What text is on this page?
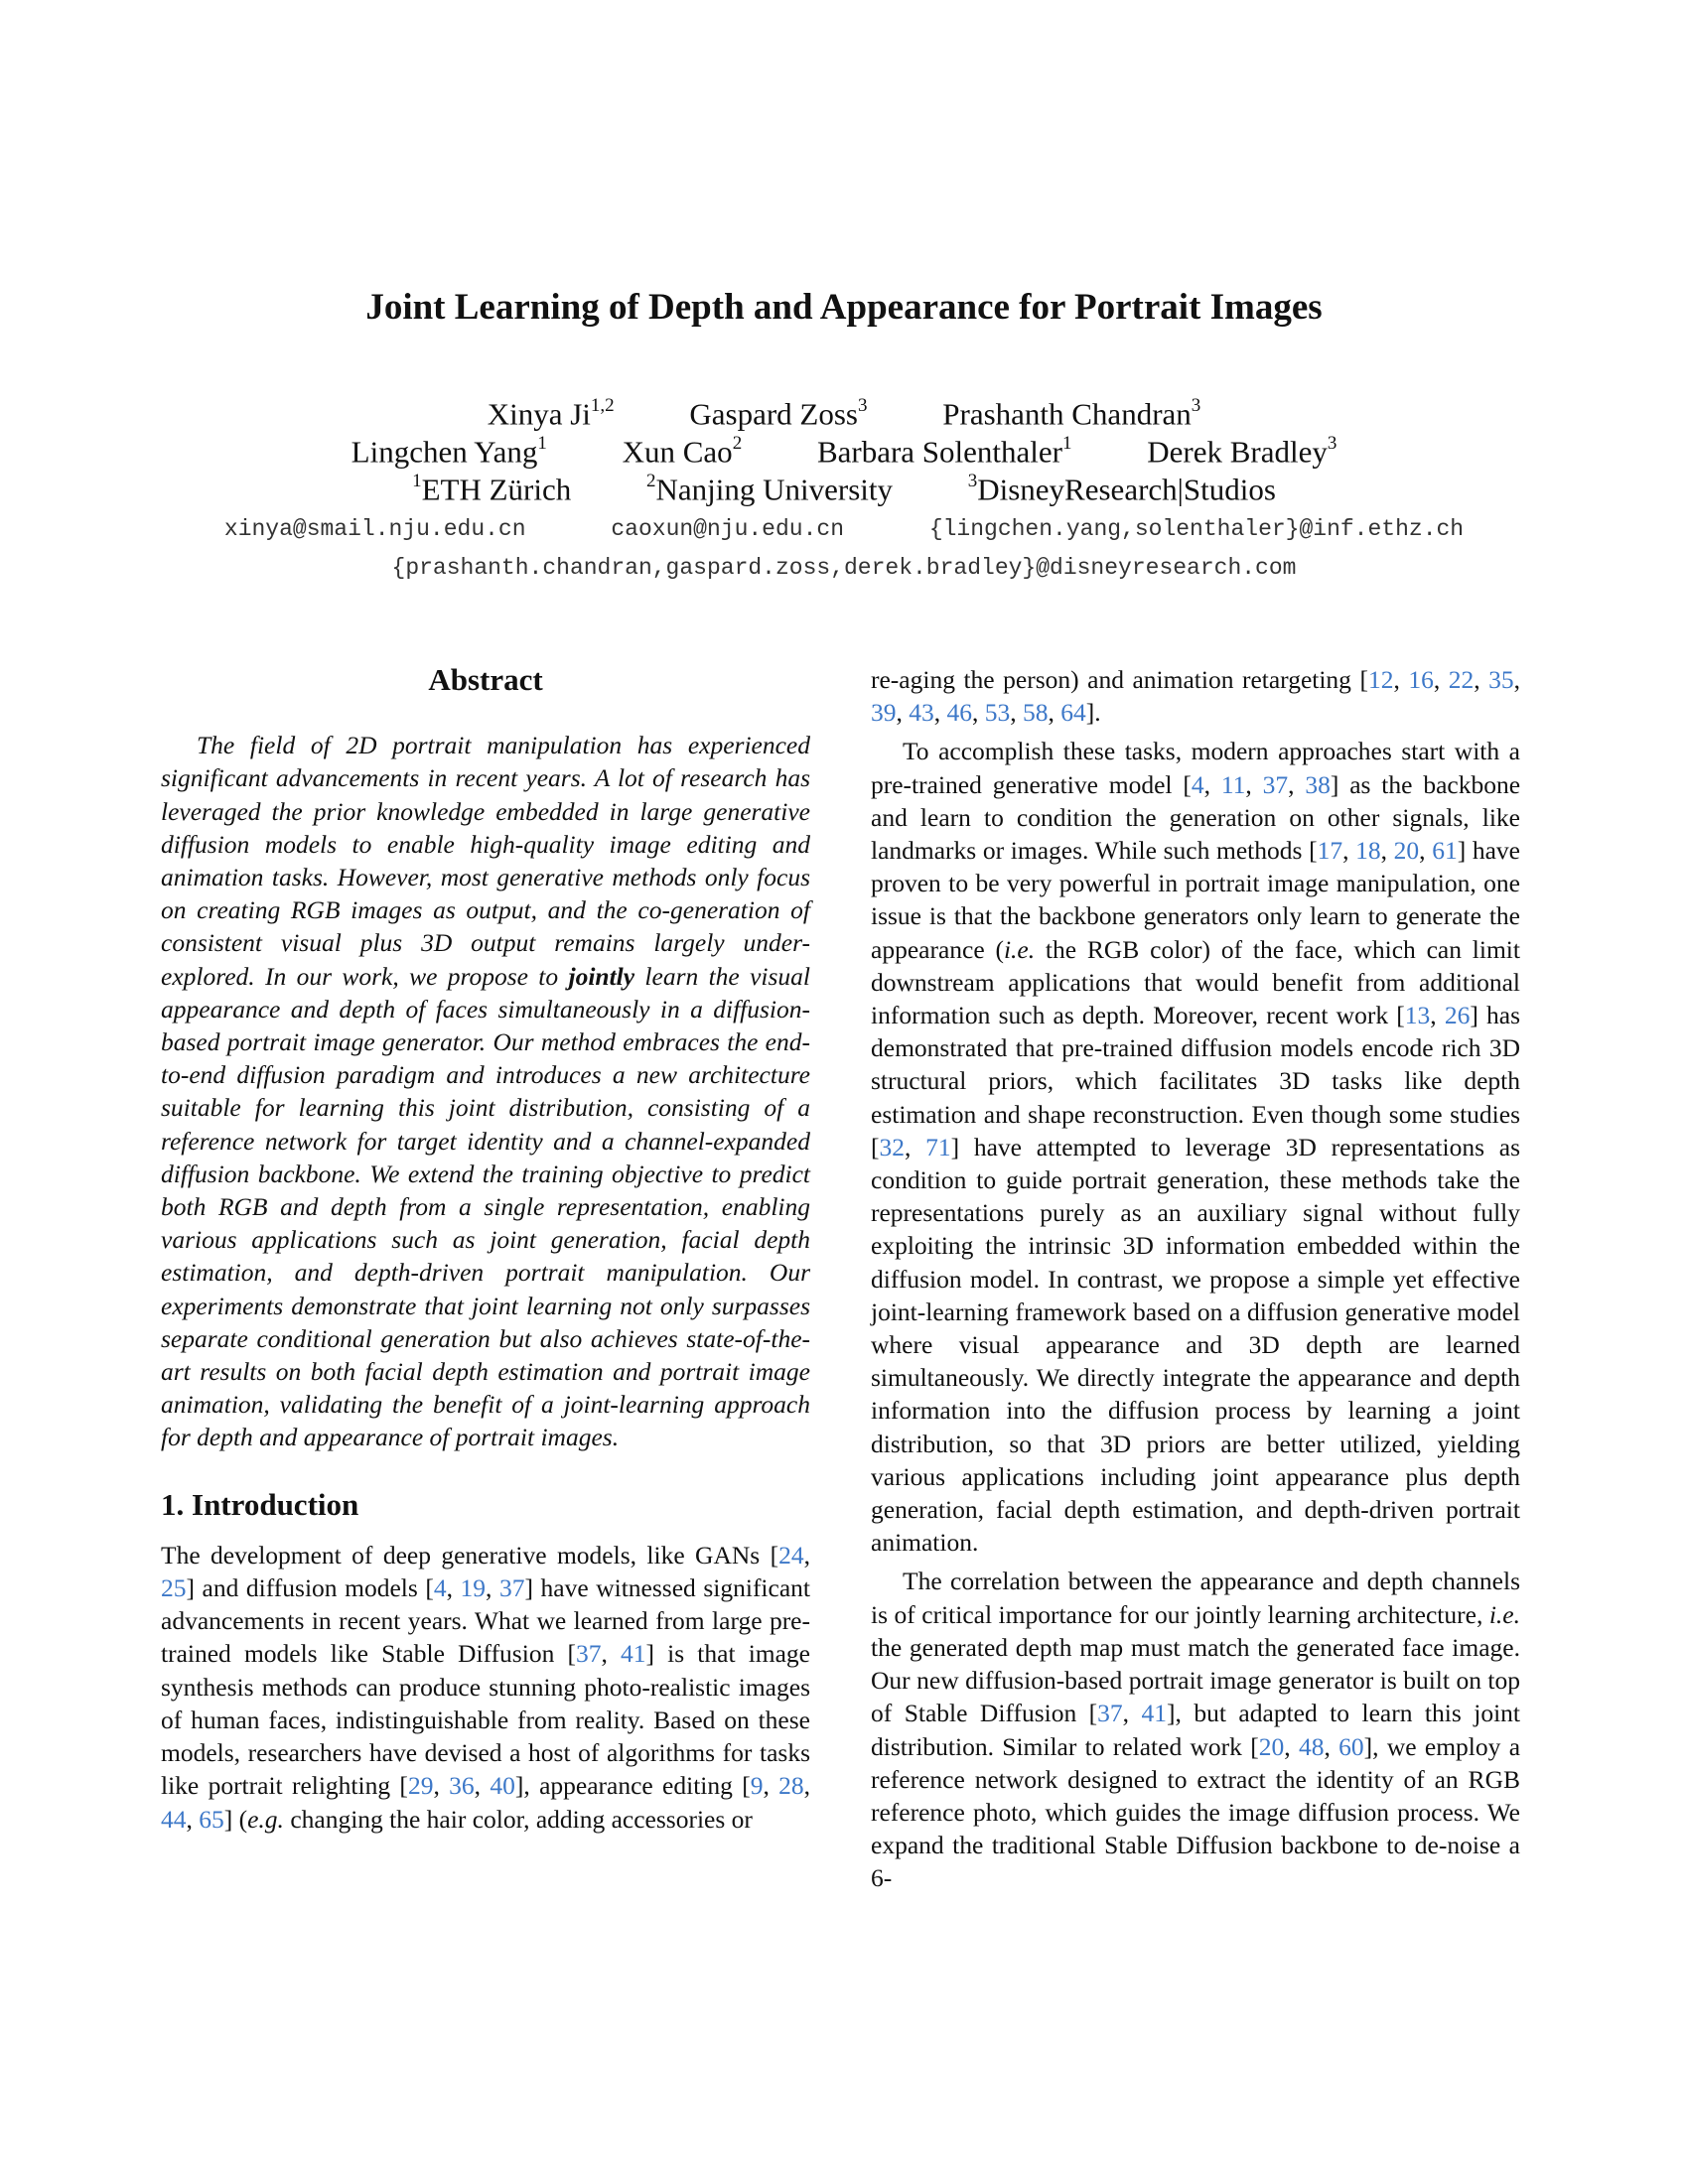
Joint Learning of Depth and Appearance for Portrait Images
Xinya Ji$^{1,2}$ Gaspard Zoss$^3$ Prashanth Chandran$^3$
Lingchen Yang$^1$ Xun Cao$^2$ Barbara Solenthaler$^1$ Derek Bradley$^3$
$^1$ETH Zürich	$^2$Nanjing University	$^3$DisneyResearch|Studios
xinya@smail.nju.edu.cn	caoxun@nju.edu.cn	{lingchen.yang,solenthaler}@inf.ethz.ch
{prashanth.chandran,gaspard.zoss,derek.bradley}@disneyresearch.com
Abstract

The field of 2D portrait manipulation has experienced significant advancements in recent years. A lot of research has leveraged the prior knowledge embedded in large generative diffusion models to enable high-quality image editing and animation tasks. However, most generative methods only focus on creating RGB images as output, and the co-generation of consistent visual plus 3D output remains largely under-explored. In our work, we propose to jointly learn the visual appearance and depth of faces simultaneously in a diffusion-based portrait image generator. Our method embraces the end-to-end diffusion paradigm and introduces a new architecture suitable for learning this joint distribution, consisting of a reference network for target identity and a channel-expanded diffusion backbone. We extend the training objective to predict both RGB and depth from a single representation, enabling various applications such as joint generation, facial depth estimation, and depth-driven portrait manipulation. Our experiments demonstrate that joint learning not only surpasses separate conditional generation but also achieves state-of-the-art results on both facial depth estimation and portrait image animation, validating the benefit of a joint-learning approach for depth and appearance of portrait images.

1. Introduction

The development of deep generative models, like GANs [24, 25] and diffusion models [4, 19, 37] have witnessed significant advancements in recent years. What we learned from large pre-trained models like Stable Diffusion [37, 41] is that image synthesis methods can produce stunning photo-realistic images of human faces, indistinguishable from reality. Based on these models, researchers have devised a host of algorithms for tasks like portrait relighting [29, 36, 40], appearance editing [9, 28, 44, 65] (e.g. changing the hair color, adding accessories or

re-aging the person) and animation retargeting [12, 16, 22, 35, 39, 43, 46, 53, 58, 64].

To accomplish these tasks, modern approaches start with a pre-trained generative model [4, 11, 37, 38] as the backbone and learn to condition the generation on other signals, like landmarks or images. While such methods [17, 18, 20, 61] have proven to be very powerful in portrait image manipulation, one issue is that the backbone generators only learn to generate the appearance (i.e. the RGB color) of the face, which can limit downstream applications that would benefit from additional information such as depth. Moreover, recent work [13, 26] has demonstrated that pre-trained diffusion models encode rich 3D structural priors, which facilitates 3D tasks like depth estimation and shape reconstruction. Even though some studies [32, 71] have attempted to leverage 3D representations as condition to guide portrait generation, these methods take the representations purely as an auxiliary signal without fully exploiting the intrinsic 3D information embedded within the diffusion model. In contrast, we propose a simple yet effective joint-learning framework based on a diffusion generative model where visual appearance and 3D depth are learned simultaneously. We directly integrate the appearance and depth information into the diffusion process by learning a joint distribution, so that 3D priors are better utilized, yielding various applications including joint appearance plus depth generation, facial depth estimation, and depth-driven portrait animation.

The correlation between the appearance and depth channels is of critical importance for our jointly learning architecture, i.e. the generated depth map must match the generated face image. Our new diffusion-based portrait image generator is built on top of Stable Diffusion [37, 41], but adapted to learn this joint distribution. Similar to related work [20, 48, 60], we employ a reference network designed to extract the identity of an RGB reference photo, which guides the image diffusion process. We expand the traditional Stable Diffusion backbone to de-noise a 6-
